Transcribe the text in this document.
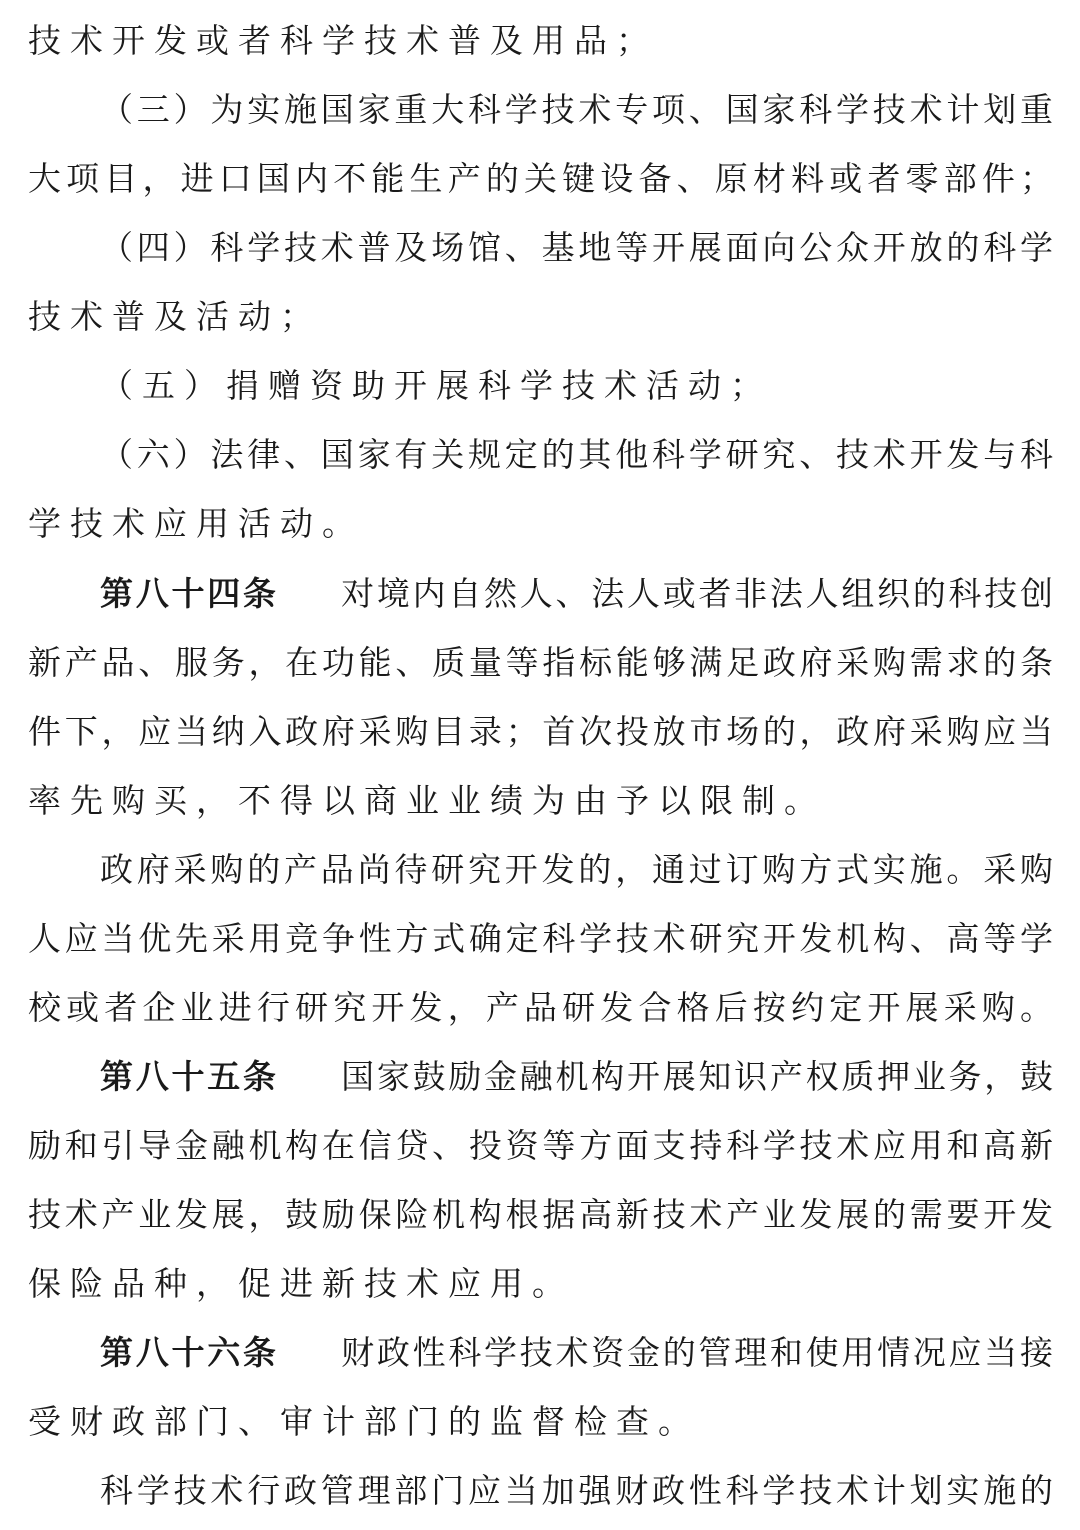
技术开发或者科学技术普及用品；
（三）为实施国家重大科学技术专项、国家科学技术计划重
大项目，进口国内不能生产的关键设备、原材料或者零部件；
（四）科学技术普及场馆、基地等开展面向公众开放的科学
技术普及活动；
（五）捐赠资助开展科学技术活动；
（六）法律、国家有关规定的其他科学研究、技术开发与科
学技术应用活动。
第八十四条 对境内自然人、法人或者非法人组织的科技创
新产品、服务，在功能、质量等指标能够满足政府采购需求的条
件下，应当纳入政府采购目录；首次投放市场的，政府采购应当
率先购买，不得以商业业绩为由予以限制。
政府采购的产品尚待研究开发的，通过订购方式实施。采购
人应当优先采用竞争性方式确定科学技术研究开发机构、高等学
校或者企业进行研究开发，产品研发合格后按约定开展采购。
第八十五条 国家鼓励金融机构开展知识产权质押业务，鼓
励和引导金融机构在信贷、投资等方面支持科学技术应用和高新
技术产业发展，鼓励保险机构根据高新技术产业发展的需要开发
保险品种，促进新技术应用。
第八十六条 财政性科学技术资金的管理和使用情况应当接
受财政部门、审计部门的监督检查。
科学技术行政管理部门应当加强财政性科学技术计划实施的
